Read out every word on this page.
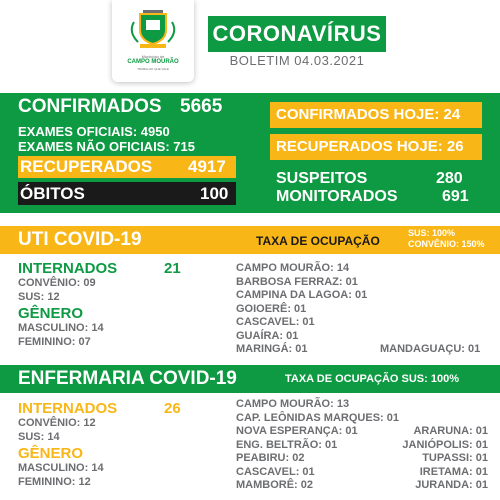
Município de
CAMPO MOURÃO
TRABALHO QUE VALE
CORONAVÍRUS
BOLETIM 04.03.2021
CONFIRMADOS 5665
EXAMES OFICIAIS: 4950
EXAMES NÃO OFICIAIS: 715
RECUPERADOS 4917
ÓBITOS	100
CONFIRMADOS HOJE: 24
RECUPERADOS HOJE: 26
SUSPEITOS	280
MONITORADOS	691
UTI COVID-19	TAXA DE OCUPAÇÃO
SUS: 100%
CONVÊNIO: 150%
INTERNADOS	21
CONVÊNIO: 09
SUS: 12
GÊNERO
MASCULINO: 14
FEMININO: 07
CAMPO MOURÃO: 14
BARBOSA FERRAZ: 01
CAMPINA DA LAGOA: 01
GOIOERÊ: 01
CASCAVEL: 01
GUAÍRA: 01
MARINGÁ: 01	MANDAGUAÇU: 01
ENFERMARIA COVID-19	TAXA DE OCUPAÇÃO SUS: 100%
INTERNADOS	26
CONVÊNIO: 12
SUS: 14
GÊNERO
MASCULINO: 14
FEMININO: 12
CAMPO MOURÃO: 13
CAP. LEÔNIDAS MARQUES: 01
NOVA ESPERANÇA: 01
ENG. BELTRÃO: 01
PEABIRU: 02
CASCAVEL: 01
MAMBORÊ: 02
ARARUNA: 01
JANIÓPOLIS: 01
TUPASSI: 01
IRETAMA: 01
JURANDA: 01
